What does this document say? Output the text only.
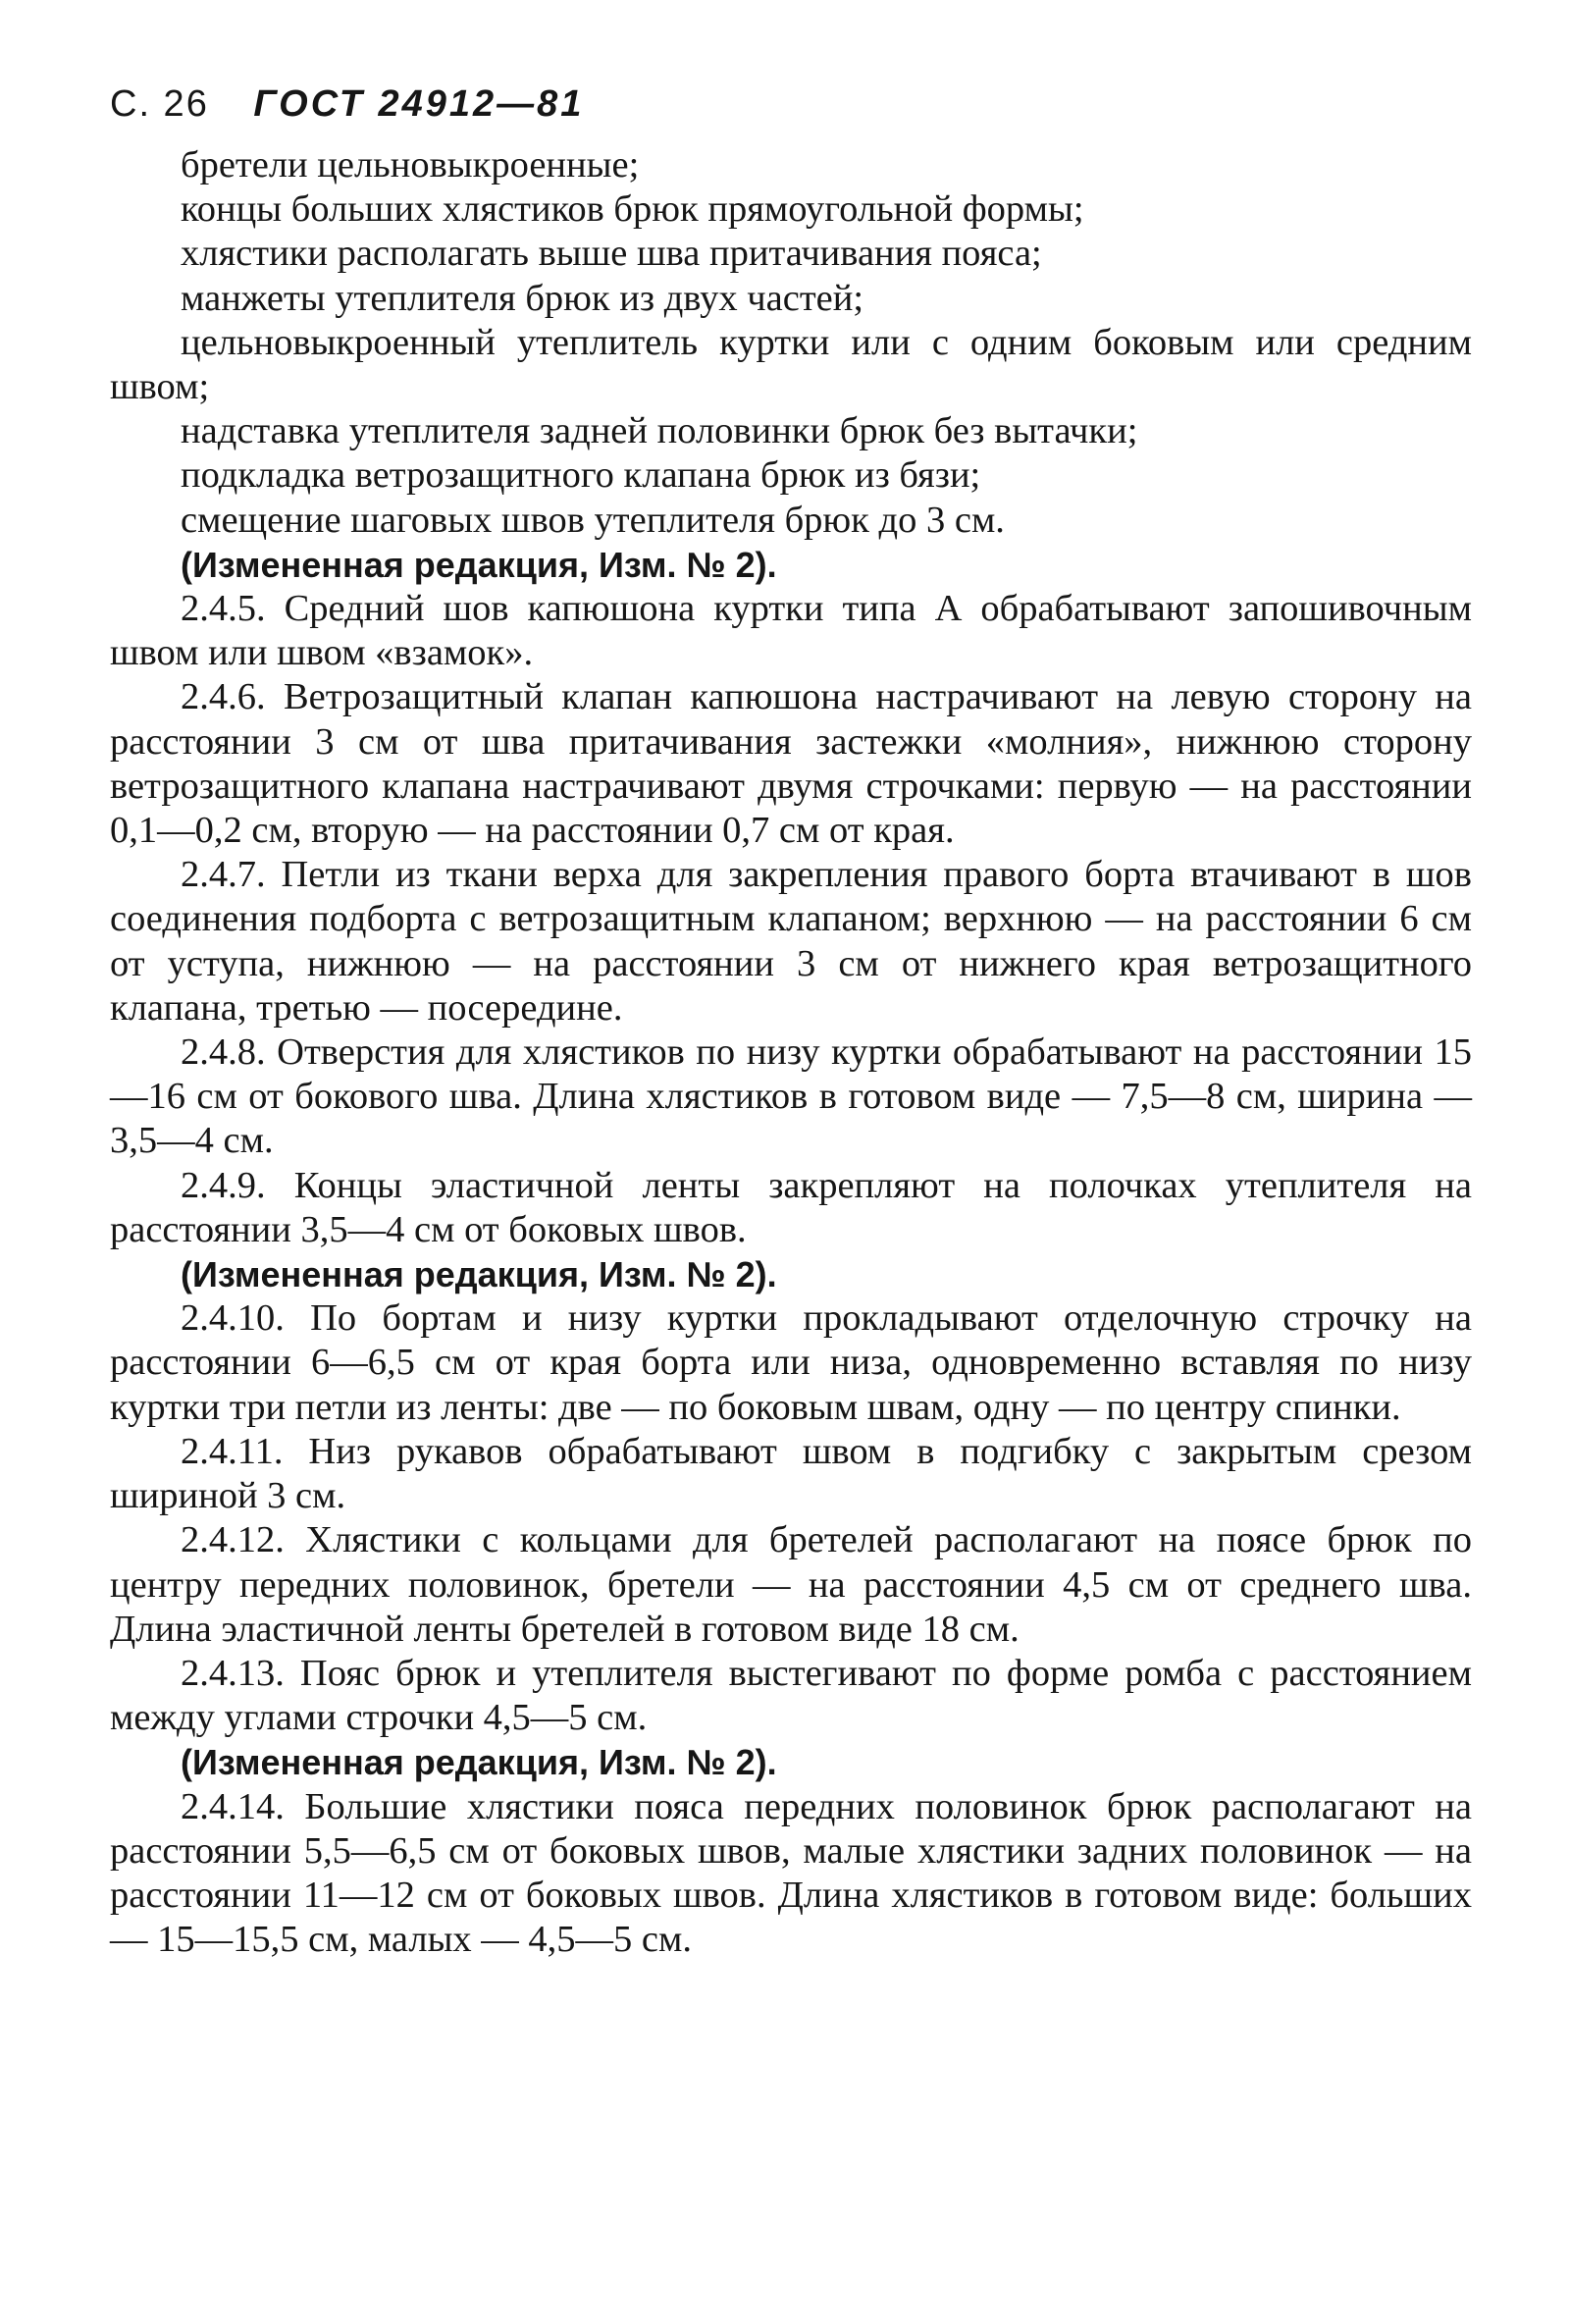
С. 26 ГОСТ 24912—81

бретели цельновыкроенные;

концы больших хлястиков брюк прямоугольной формы;

хлястики располагать выше шва притачивания пояса;

манжеты утеплителя брюк из двух частей;

цельновыкроенный утеплитель куртки или с одним боковым или средним швом;

надставка утеплителя задней половинки брюк без вытачки;

подкладка ветрозащитного клапана брюк из бязи;

смещение шаговых швов утеплителя брюк до 3 см.

(Измененная редакция, Изм. № 2).

2.4.5. Средний шов капюшона куртки типа А обрабатывают запошивочным швом или швом «взамок».

2.4.6. Ветрозащитный клапан капюшона настрачивают на левую сторону на расстоянии 3 см от шва притачивания застежки «молния», нижнюю сторону ветрозащитного клапана настрачивают двумя строчками: первую — на расстоянии 0,1—0,2 см, вторую — на расстоянии 0,7 см от края.

2.4.7. Петли из ткани верха для закрепления правого борта втачивают в шов соединения подборта с ветрозащитным клапаном; верхнюю — на расстоянии 6 см от уступа, нижнюю — на расстоянии 3 см от нижнего края ветрозащитного клапана, третью — посередине.

2.4.8. Отверстия для хлястиков по низу куртки обрабатывают на расстоянии 15—16 см от бокового шва. Длина хлястиков в готовом виде — 7,5—8 см, ширина — 3,5—4 см.

2.4.9. Концы эластичной ленты закрепляют на полочках утеплителя на расстоянии 3,5—4 см от боковых швов.

(Измененная редакция, Изм. № 2).

2.4.10. По бортам и низу куртки прокладывают отделочную строчку на расстоянии 6—6,5 см от края борта или низа, одновременно вставляя по низу куртки три петли из ленты: две — по боковым швам, одну — по центру спинки.

2.4.11. Низ рукавов обрабатывают швом в подгибку с закрытым срезом шириной 3 см.

2.4.12. Хлястики с кольцами для бретелей располагают на поясе брюк по центру передних половинок, бретели — на расстоянии 4,5 см от среднего шва. Длина эластичной ленты бретелей в готовом виде 18 см.

2.4.13. Пояс брюк и утеплителя выстегивают по форме ромба с расстоянием между углами строчки 4,5—5 см.

(Измененная редакция, Изм. № 2).

2.4.14. Большие хлястики пояса передних половинок брюк располагают на расстоянии 5,5—6,5 см от боковых швов, малые хлястики задних половинок — на расстоянии 11—12 см от боковых швов. Длина хлястиков в готовом виде: больших — 15—15,5 см, малых — 4,5—5 см.
